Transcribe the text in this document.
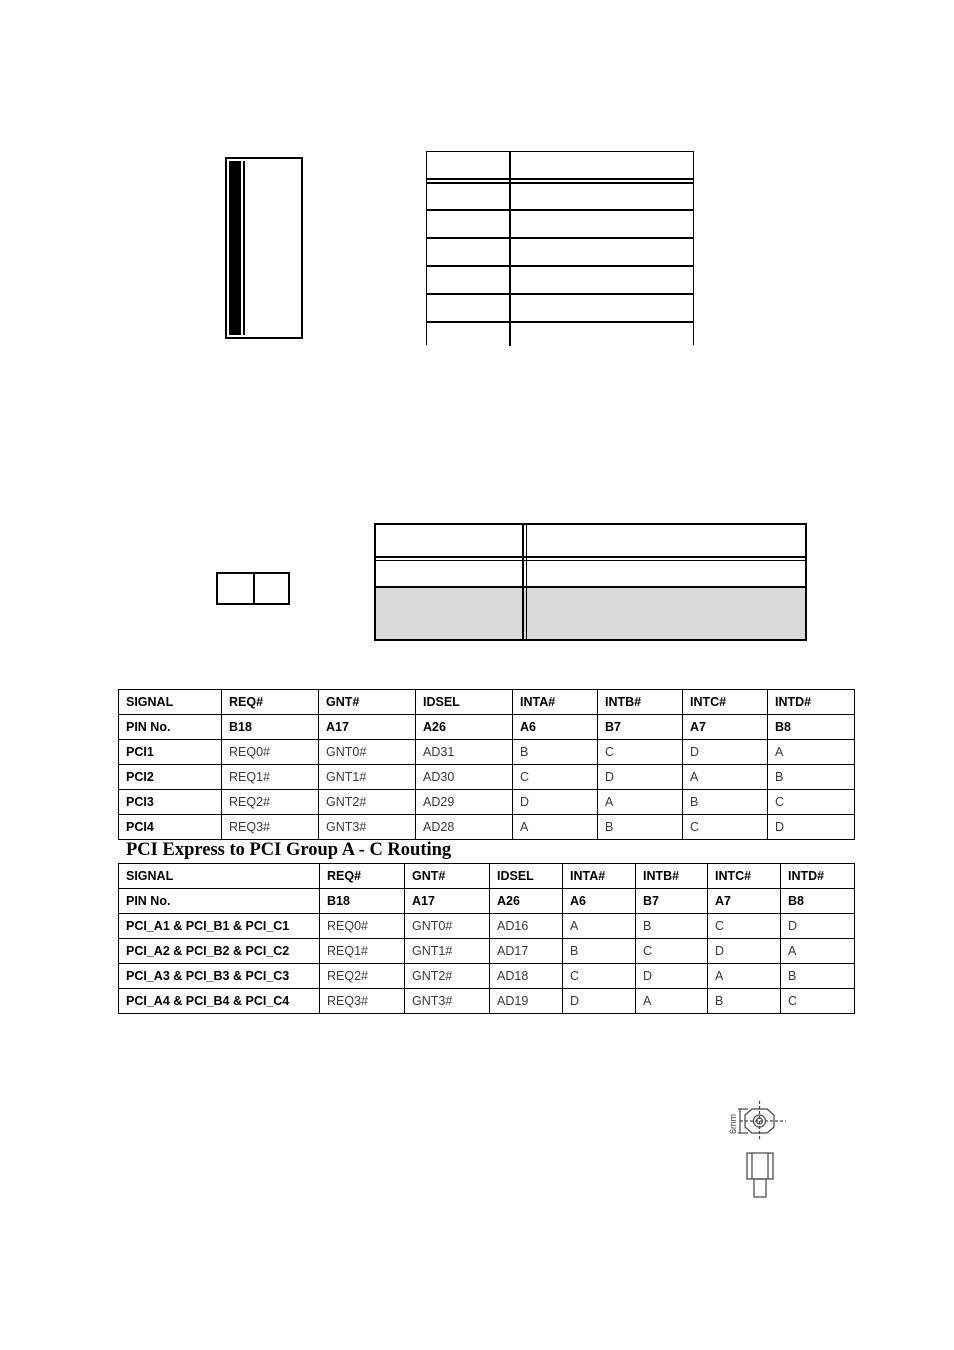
SIGNAL	REQ#	GNT#	IDSEL	INTA#	INTB#	INTC#	INTD#
PIN No.	B18	A17	A26	A6	B7	A7	B8
PCI1	REQ0#	GNT0#	AD31	B	C	D	A
PCI2	REQ1#	GNT1#	AD30	C	D	A	B
PCI3	REQ2#	GNT2#	AD29	D	A	B	C
PCI4	REQ3#	GNT3#	AD28	A	B	C	D
PCI Express to PCI Group A - C Routing
SIGNAL	REQ#	GNT#	IDSEL	INTA#	INTB#	INTC#	INTD#
PIN No.	B18	A17	A26	A6	B7	A7	B8
PCI_A1 & PCI_B1 & PCI_C1	REQ0#	GNT0#	AD16	A	B	C	D
PCI_A2 & PCI_B2 & PCI_C2	REQ1#	GNT1#	AD17	B	C	D	A
PCI_A3 & PCI_B3 & PCI_C3	REQ2#	GNT2#	AD18	C	D	A	B
PCI_A4 & PCI_B4 & PCI_C4	REQ3#	GNT3#	AD19	D	A	B	C
6mm
